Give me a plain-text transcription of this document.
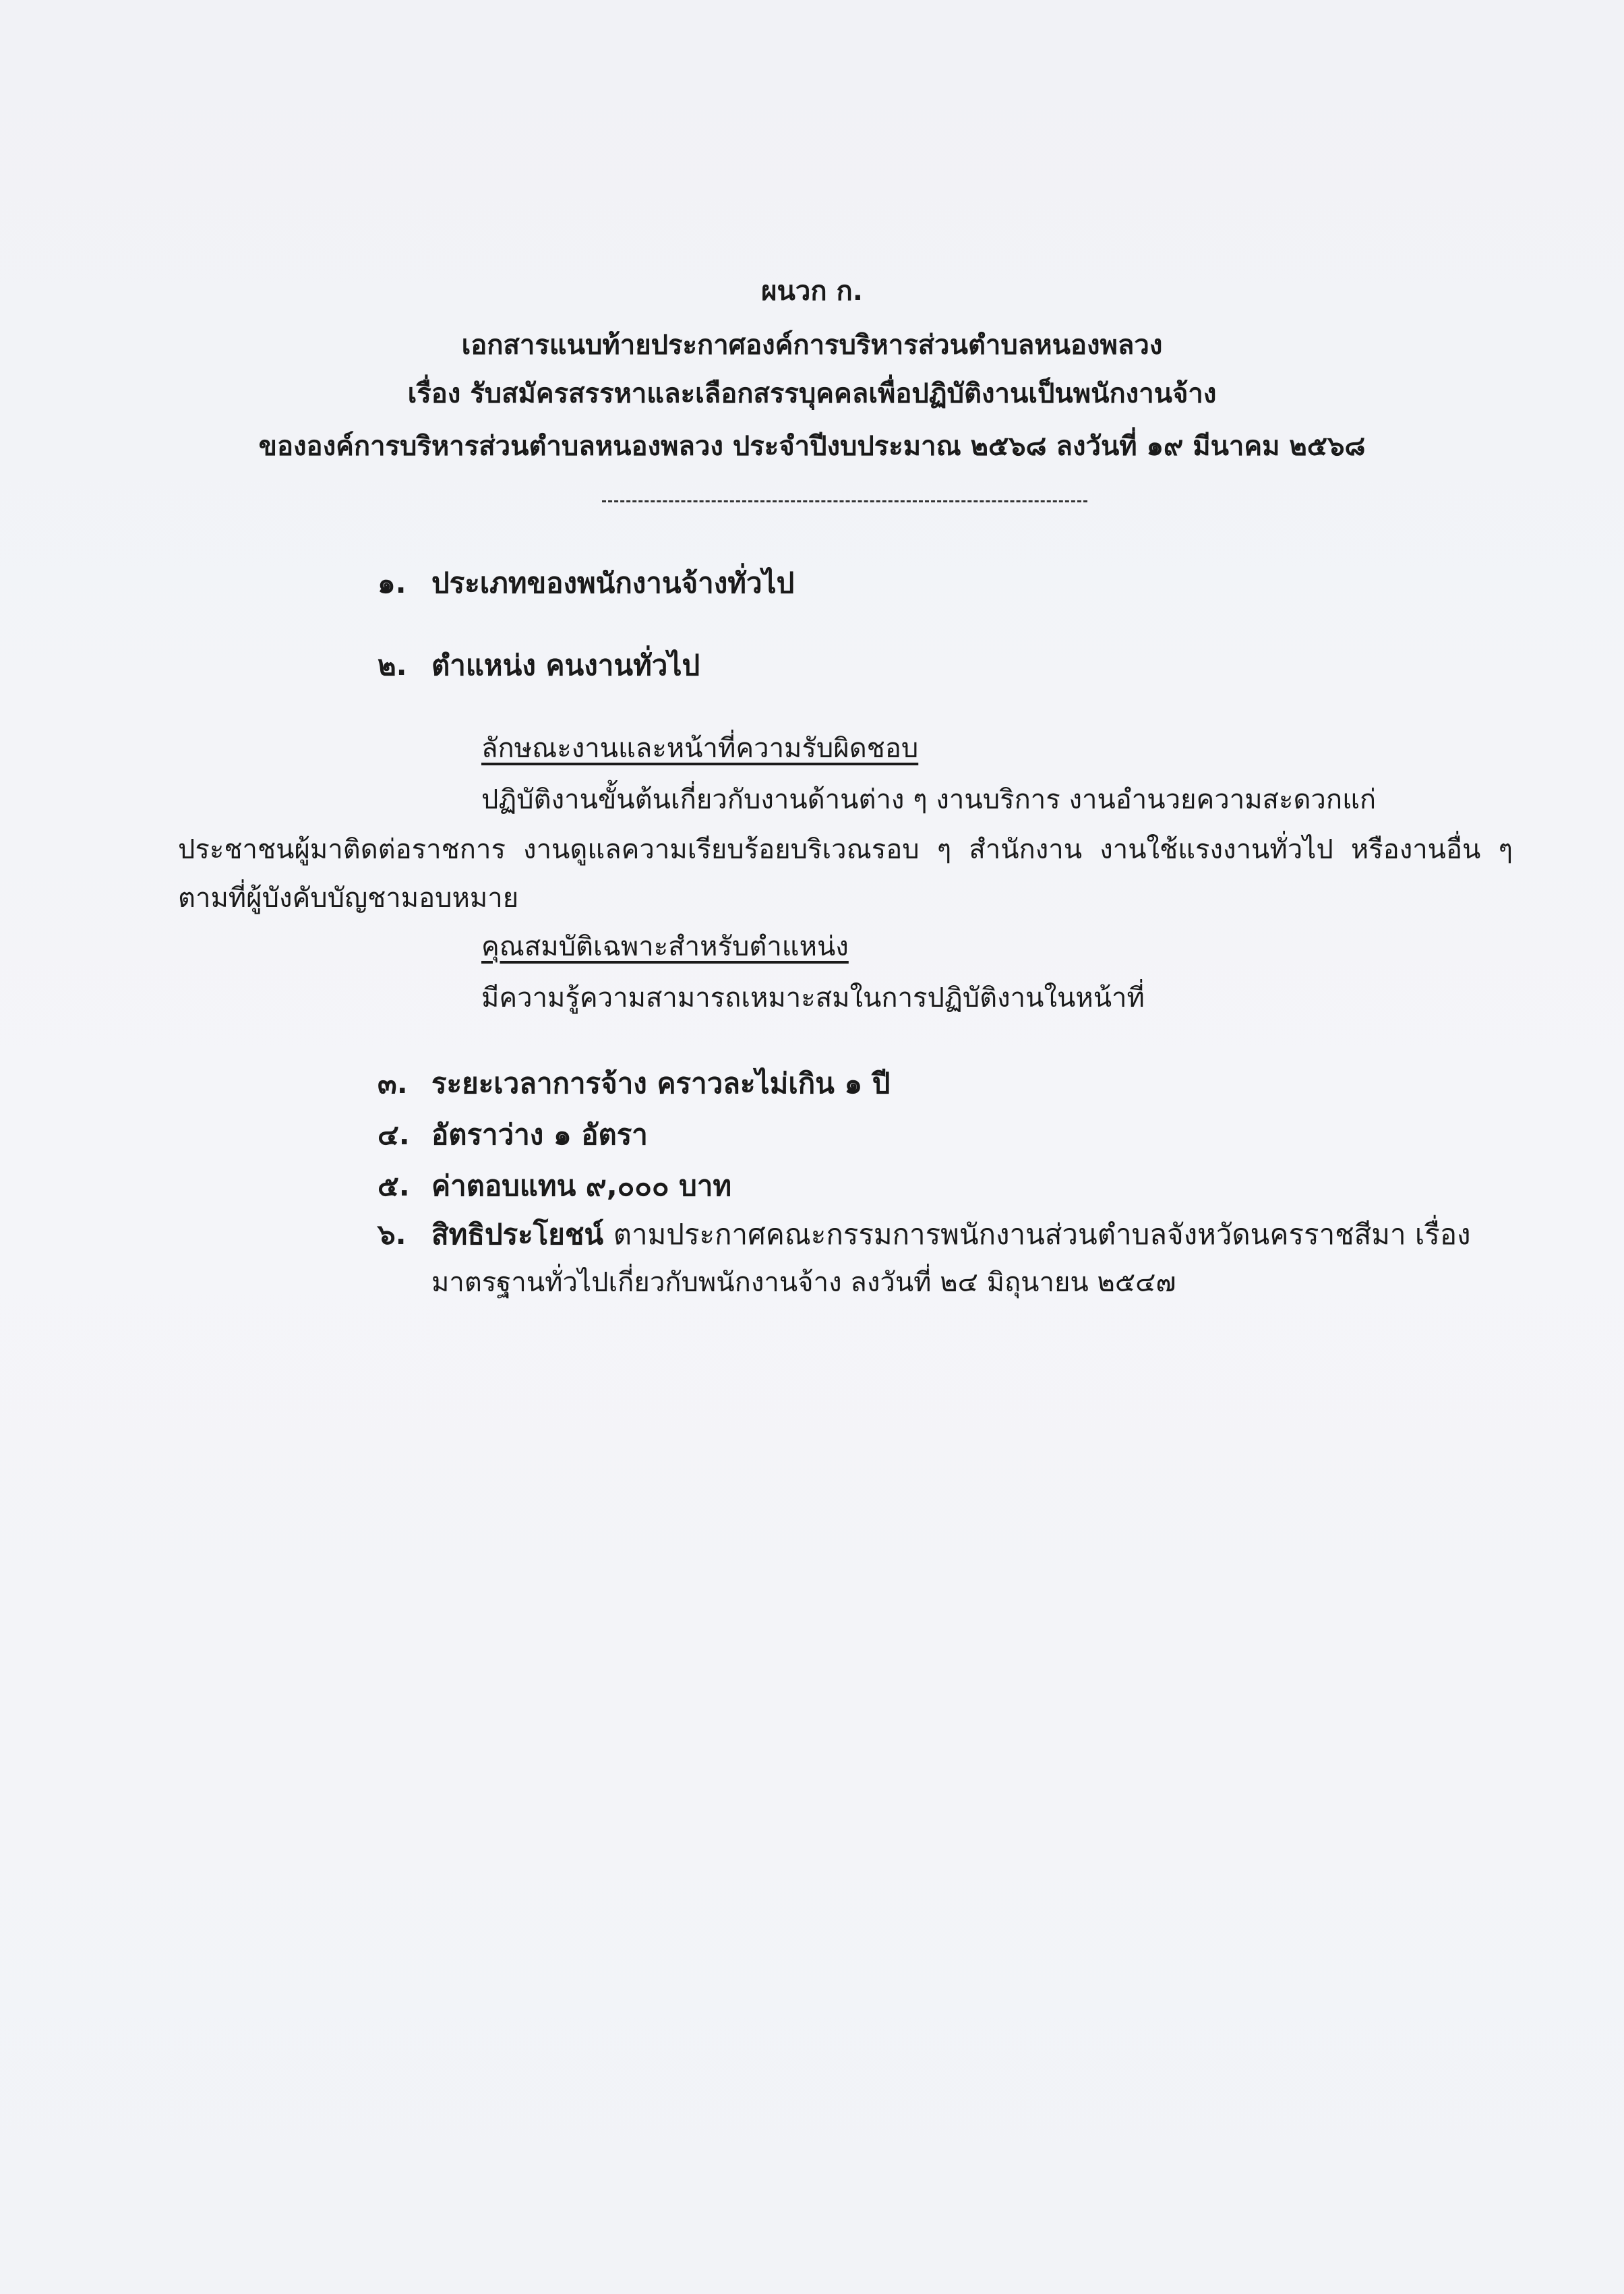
ผนวก ก.
เอกสารแนบท้ายประกาศองค์การบริหารส่วนตำบลหนองพลวง
เรื่อง รับสมัครสรรหาและเลือกสรรบุคคลเพื่อปฏิบัติงานเป็นพนักงานจ้าง
ขององค์การบริหารส่วนตำบลหนองพลวง ประจำปีงบประมาณ ๒๕๖๘ ลงวันที่ ๑๙ มีนาคม ๒๕๖๘
๑. ประเภทของพนักงานจ้างทั่วไป
๒. ตำแหน่ง คนงานทั่วไป
ลักษณะงานและหน้าที่ความรับผิดชอบ
ปฏิบัติงานขั้นต้นเกี่ยวกับงานด้านต่าง ๆ งานบริการ งานอำนวยความสะดวกแก่
ประชาชนผู้มาติดต่อราชการ งานดูแลความเรียบร้อยบริเวณรอบ ๆ สำนักงาน งานใช้แรงงานทั่วไป หรืองานอื่น ๆ
ตามที่ผู้บังคับบัญชามอบหมาย
คุณสมบัติเฉพาะสำหรับตำแหน่ง
มีความรู้ความสามารถเหมาะสมในการปฏิบัติงานในหน้าที่
๓. ระยะเวลาการจ้าง คราวละไม่เกิน ๑ ปี
๔. อัตราว่าง ๑ อัตรา
๕. ค่าตอบแทน ๙,๐๐๐ บาท
๖. สิทธิประโยชน์ ตามประกาศคณะกรรมการพนักงานส่วนตำบลจังหวัดนครราชสีมา เรื่อง
มาตรฐานทั่วไปเกี่ยวกับพนักงานจ้าง ลงวันที่ ๒๔ มิถุนายน ๒๕๔๗
